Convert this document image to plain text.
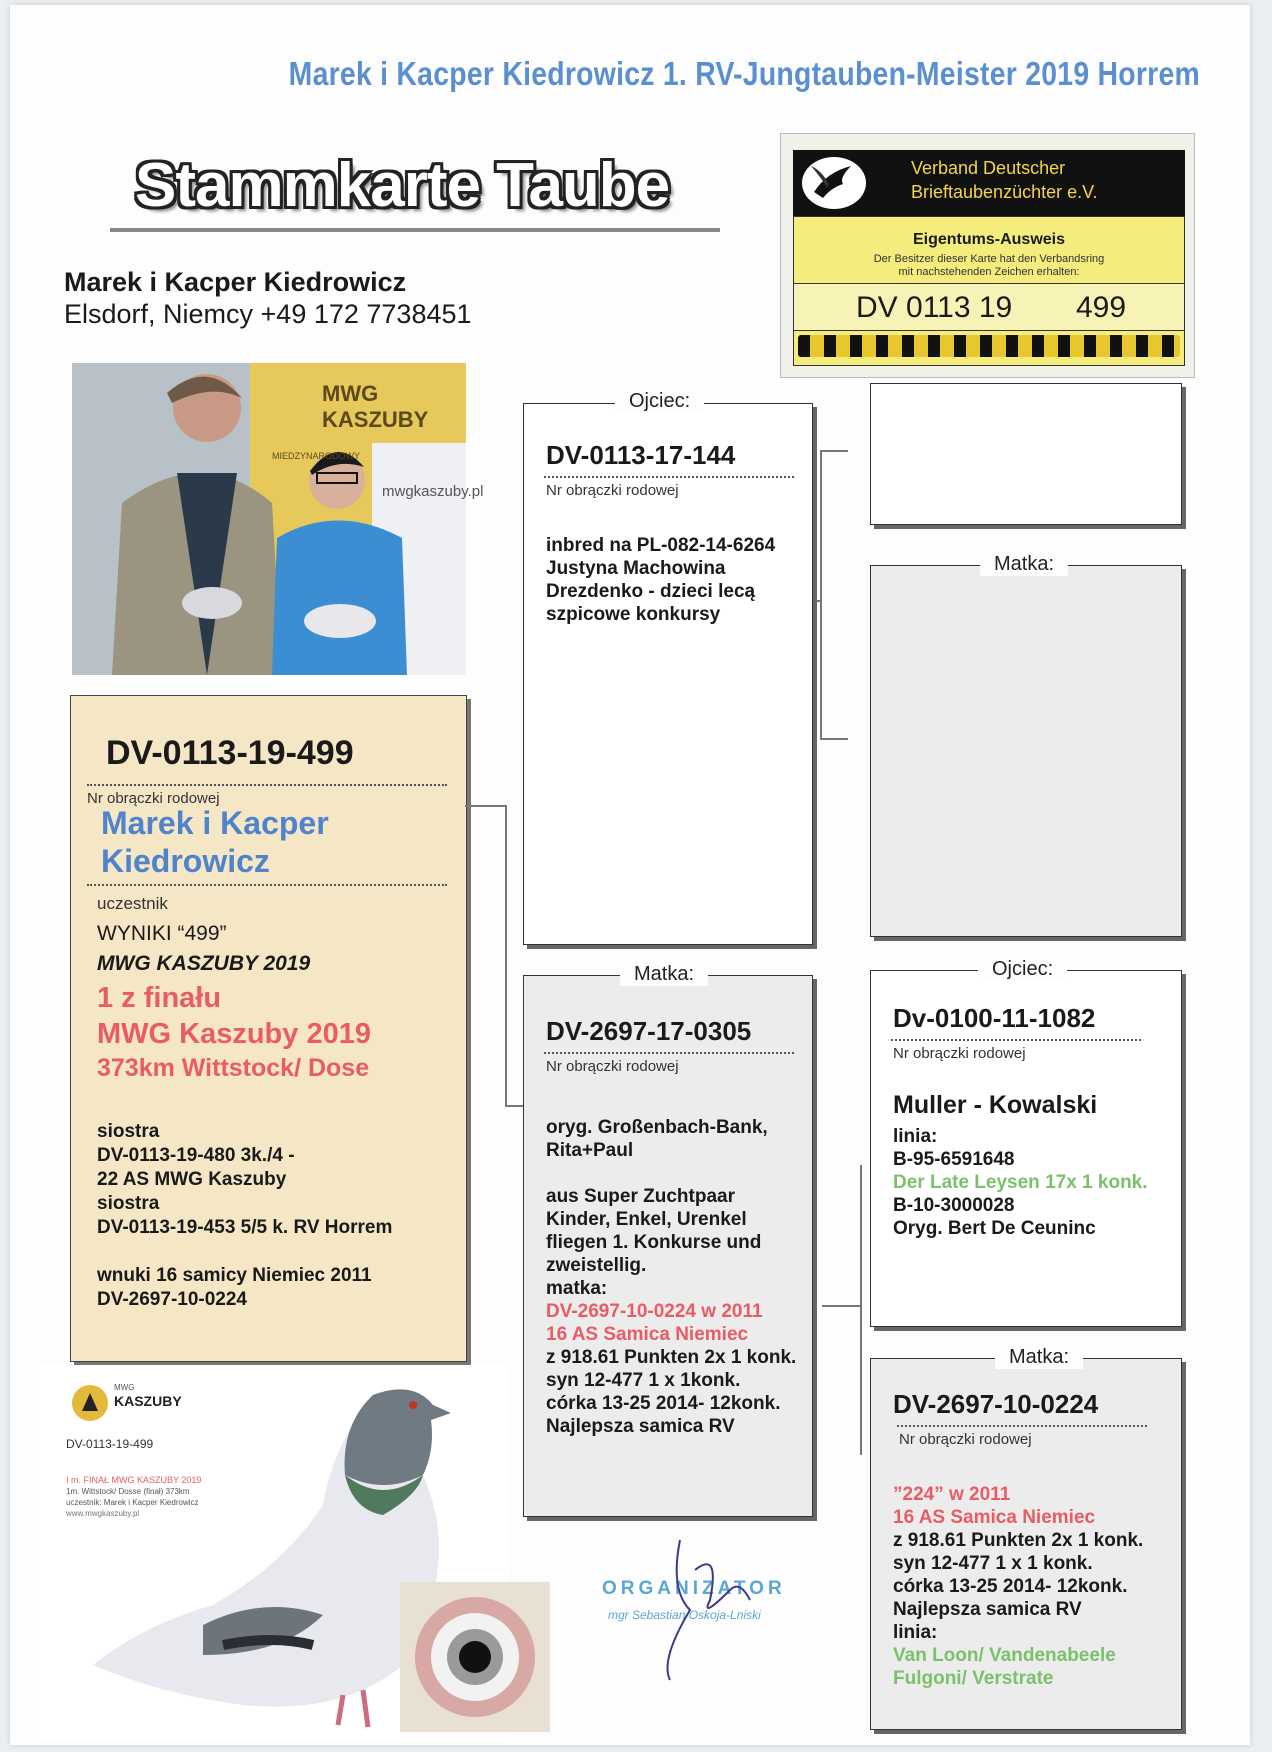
Marek i Kacper Kiedrowicz 1. RV-Jungtauben-Meister 2019 Horrem
Stammkarte Taube
Marek i Kacper Kiedrowicz
Elsdorf, Niemcy +49 172 7738451
Verband Deutscher
Brieftaubenzüchter e.V.
Eigentums-Ausweis
Der Besitzer dieser Karte hat den Verbandsring
mit nachstehenden Zeichen erhalten:
DV 0113 19 499
MWG KASZUBY
MIEDZYNARODOWY
mwgkaszuby.pl
DV-0113-19-499
Nr obrączki rodowej
Marek i Kacper Kiedrowicz
uczestnik
WYNIKI “499”
MWG KASZUBY 2019
1 z finału
MWG Kaszuby 2019
373km Wittstock/ Dose
siostra
DV-0113-19-480 3k./4 -
22 AS MWG Kaszuby
siostra
DV-0113-19-453 5/5 k. RV Horrem
wnuki 16 samicy Niemiec 2011
DV-2697-10-0224
DV-0113-17-144
Nr obrączki rodowej
inbred na PL-082-14-6264
Justyna Machowina
Drezdenko - dzieci lecą
szpicowe konkursy
Ojciec:
DV-2697-17-0305
Nr obrączki rodowej
oryg. Großenbach-Bank,
Rita+Paul
aus Super Zuchtpaar
Kinder, Enkel, Urenkel
fliegen 1. Konkurse und
zweistellig.
matka:
DV-2697-10-0224 w 2011
16 AS Samica Niemiec
z 918.61 Punkten 2x 1 konk.
syn 12-477 1 x 1konk.
córka 13-25 2014- 12konk.
Najlepsza samica RV
Matka:
Matka:
Dv-0100-11-1082
Nr obrączki rodowej
Muller - Kowalski
linia:
B-95-6591648
Der Late Leysen 17x 1 konk.
B-10-3000028
Oryg. Bert De Ceuninc
Ojciec:
DV-2697-10-0224
Nr obrączki rodowej
”224” w 2011
16 AS Samica Niemiec
z 918.61 Punkten 2x 1 konk.
syn 12-477 1 x 1 konk.
córka 13-25 2014- 12konk.
Najlepsza samica RV
linia:
Van Loon/ Vandenabeele
Fulgoni/ Verstrate
Matka:
MWG
KASZUBY
DV-0113-19-499
I m. FINAŁ MWG KASZUBY 2019
1m. Wittstock/ Dosse (finał) 373km
uczestnik: Marek i Kacper Kiedrowicz
www.mwgkaszuby.pl
ORGANIZATOR
mgr Sebastian Oskoja-Lniski
